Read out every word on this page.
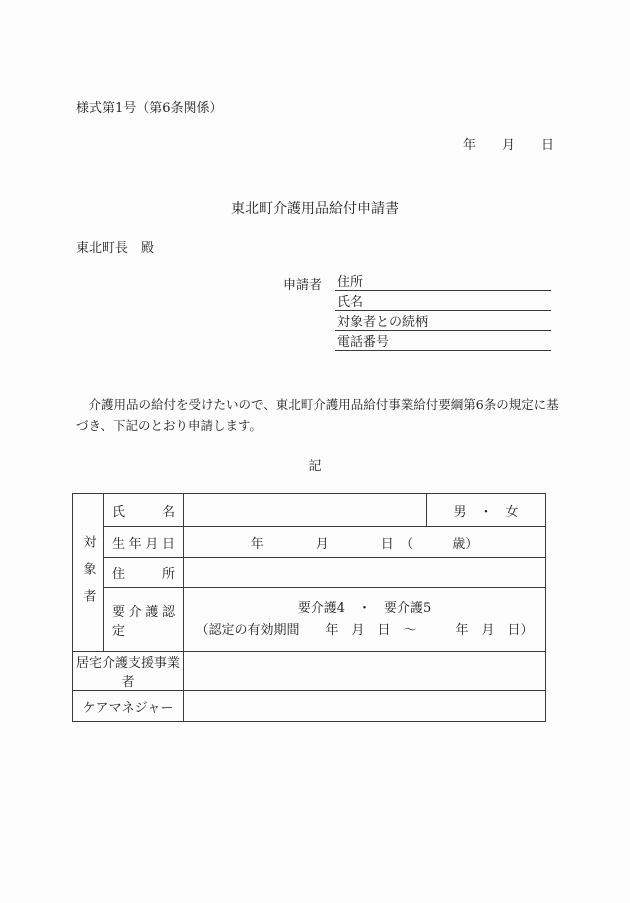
様式第1号（第6条関係）
年　　月　　日
東北町介護用品給付申請書
東北町長　殿
申請者 住所
氏名
対象者との続柄
電話番号
　介護用品の給付を受けたいので、東北町介護用品給付事業給付要綱第6条の規定に基
づき、下記のとおり申請します。
記
対象者	氏名		男　・　女
	生年月日	年　　　　月　　　　日　（　　　歳）	
	住所		
	要介護認定	要介護4　・　要介護5
（認定の有効期間　　年　月　日　～　　　年　月　日）	

居宅介護支援事業者			
ケアマネジャー			
